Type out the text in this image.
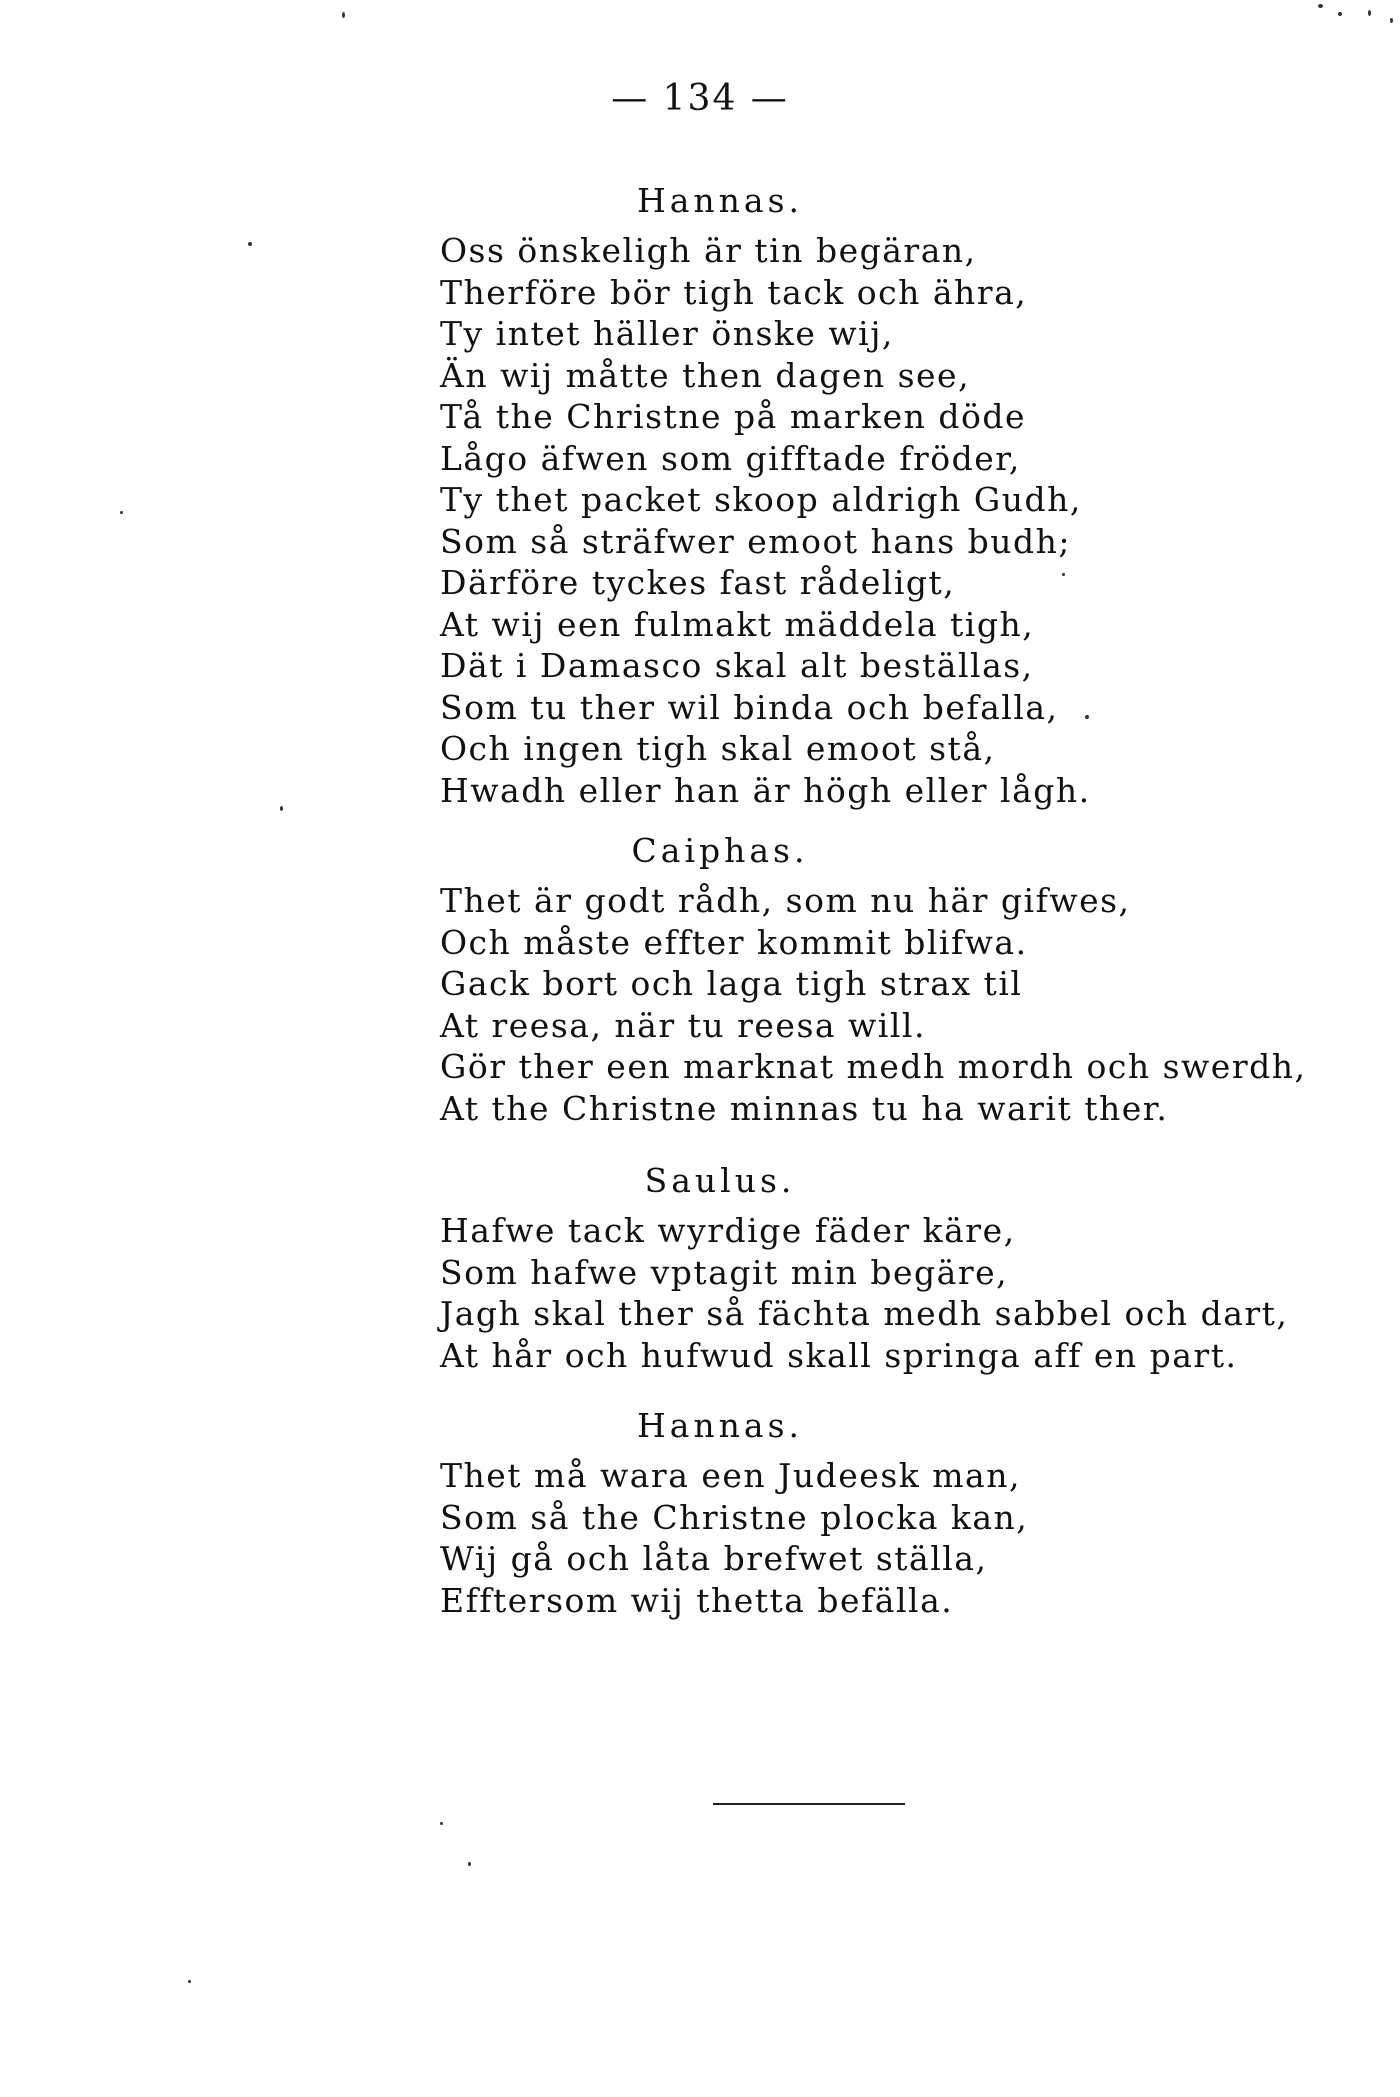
— 134 —
Hannas.
Oss önskeligh är tin begäran,
Therföre bör tigh tack och ähra,
Ty intet häller önske wij,
Än wij måtte then dagen see,
Tå the Christne på marken döde
Lågo äfwen som gifftade fröder,
Ty thet packet skoop aldrigh Gudh,
Som så sträfwer emoot hans budh;
Därföre tyckes fast rådeligt,
At wij een fulmakt mäddela tigh,
Dät i Damasco skal alt beställas,
Som tu ther wil binda och befalla,
Och ingen tigh skal emoot stå,
Hwadh eller han är högh eller lågh.
Caiphas.
Thet är godt rådh, som nu här gifwes,
Och måste effter kommit blifwa.
Gack bort och laga tigh strax til
At reesa, när tu reesa will.
Gör ther een marknat medh mordh och swerdh,
At the Christne minnas tu ha warit ther.
Saulus.
Hafwe tack wyrdige fäder käre,
Som hafwe vptagit min begäre,
Jagh skal ther så fächta medh sabbel och dart,
At hår och hufwud skall springa aff en part.
Hannas.
Thet må wara een Judeesk man,
Som så the Christne plocka kan,
Wij gå och låta brefwet ställa,
Efftersom wij thetta befälla.
